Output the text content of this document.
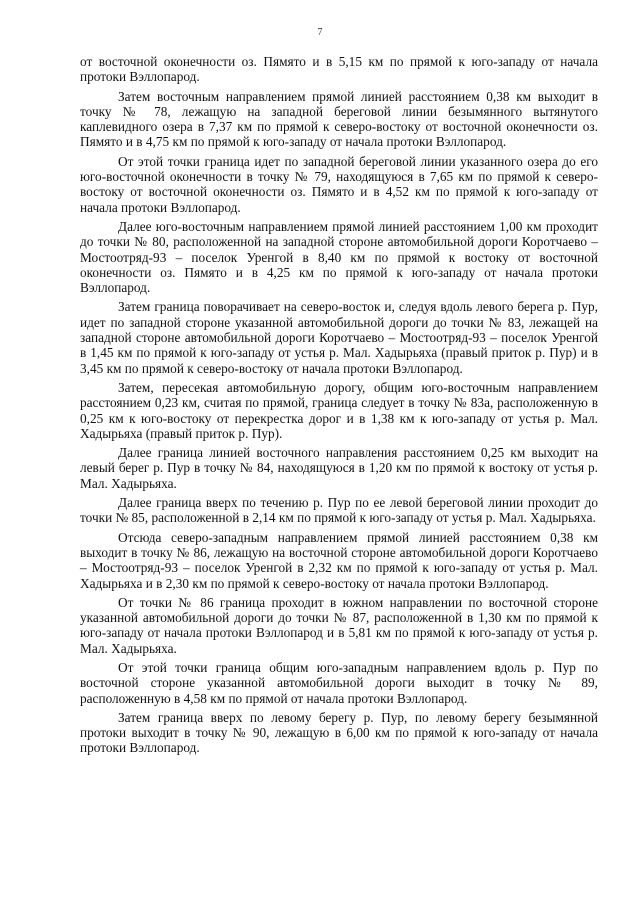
7

от восточной оконечности оз. Пямято и в 5,15 км по прямой к юго-западу от начала протоки Вэллопарод.

Затем восточным направлением прямой линией расстоянием 0,38 км выходит в точку № 78, лежащую на западной береговой линии безымянного вытянутого каплевидного озера в 7,37 км по прямой к северо-востоку от восточной оконечности оз. Пямято и в 4,75 км по прямой к юго-западу от начала протоки Вэллопарод.

От этой точки граница идет по западной береговой линии указанного озера до его юго-восточной оконечности в точку № 79, находящуюся в 7,65 км по прямой к северо-востоку от восточной оконечности оз. Пямято и в 4,52 км по прямой к юго-западу от начала протоки Вэллопарод.

Далее юго-восточным направлением прямой линией расстоянием 1,00 км проходит до точки № 80, расположенной на западной стороне автомобильной дороги Коротчаево – Мостоотряд-93 – поселок Уренгой в 8,40 км по прямой к востоку от восточной оконечности оз. Пямято и в 4,25 км по прямой к юго-западу от начала протоки Вэллопарод.

Затем граница поворачивает на северо-восток и, следуя вдоль левого берега р. Пур, идет по западной стороне указанной автомобильной дороги до точки № 83, лежащей на западной стороне автомобильной дороги Коротчаево – Мостоотряд-93 – поселок Уренгой в 1,45 км по прямой к юго-западу от устья р. Мал. Хадырьяха (правый приток р. Пур) и в 3,45 км по прямой к северо-востоку от начала протоки Вэллопарод.

Затем, пересекая автомобильную дорогу, общим юго-восточным направлением расстоянием 0,23 км, считая по прямой, граница следует в точку № 83а, расположенную в 0,25 км к юго-востоку от перекрестка дорог и в 1,38 км к юго-западу от устья р. Мал. Хадырьяха (правый приток р. Пур).

Далее граница линией восточного направления расстоянием 0,25 км выходит на левый берег р. Пур в точку № 84, находящуюся в 1,20 км по прямой к востоку от устья р. Мал. Хадырьяха.

Далее граница вверх по течению р. Пур по ее левой береговой линии проходит до точки № 85, расположенной в 2,14 км по прямой к юго-западу от устья р. Мал. Хадырьяха.

Отсюда северо-западным направлением прямой линией расстоянием 0,38 км выходит в точку № 86, лежащую на восточной стороне автомобильной дороги Коротчаево – Мостоотряд-93 – поселок Уренгой в 2,32 км по прямой к юго-западу от устья р. Мал. Хадырьяха и в 2,30 км по прямой к северо-востоку от начала протоки Вэллопарод.

От точки № 86 граница проходит в южном направлении по восточной стороне указанной автомобильной дороги до точки № 87, расположенной в 1,30 км по прямой к юго-западу от начала протоки Вэллопарод и в 5,81 км по прямой к юго-западу от устья р. Мал. Хадырьяха.

От этой точки граница общим юго-западным направлением вдоль р. Пур по восточной стороне указанной автомобильной дороги выходит в точку № 89, расположенную в 4,58 км по прямой от начала протоки Вэллопарод.

Затем граница вверх по левому берегу р. Пур, по левому берегу безымянной протоки выходит в точку № 90, лежащую в 6,00 км по прямой к юго-западу от начала протоки Вэллопарод.
